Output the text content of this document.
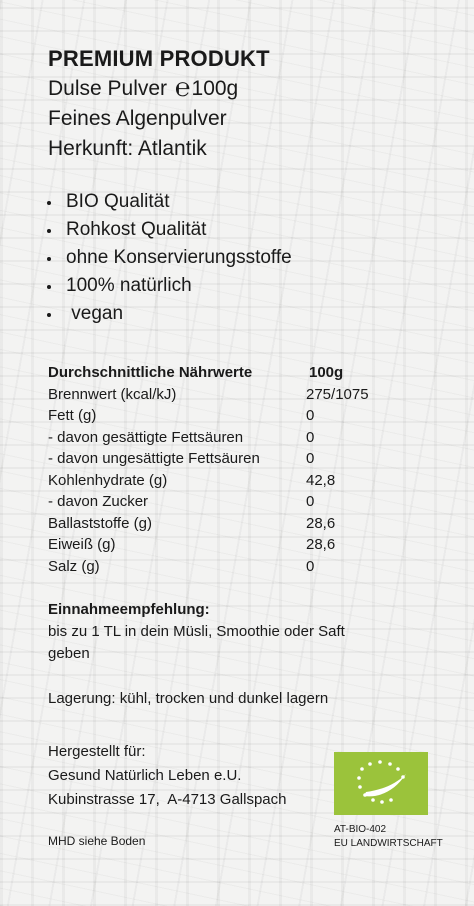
PREMIUM PRODUKT
Dulse Pulver ℮100g
Feines Algenpulver
Herkunft: Atlantik
BIO Qualität
Rohkost Qualität
ohne Konservierungsstoffe
100% natürlich
vegan
Durchschnittliche Nährwerte	100g
Brennwert (kcal/kJ)	275/1075
Fett (g)	0
- davon gesättigte Fettsäuren	0
- davon ungesättigte Fettsäuren	0
Kohlenhydrate (g)	42,8
- davon Zucker	0
Ballaststoffe (g)	28,6
Eiweiß (g)	28,6
Salz (g)	0
Einnahmeempfehlung:
bis zu 1 TL in dein Müsli, Smoothie oder Saft
geben
Lagerung: kühl, trocken und dunkel lagern
Hergestellt für:
Gesund Natürlich Leben e.U.
Kubinstrasse 17,  A-4713 Gallspach
MHD siehe Boden
AT-BIO-402
EU LANDWIRTSCHAFT
